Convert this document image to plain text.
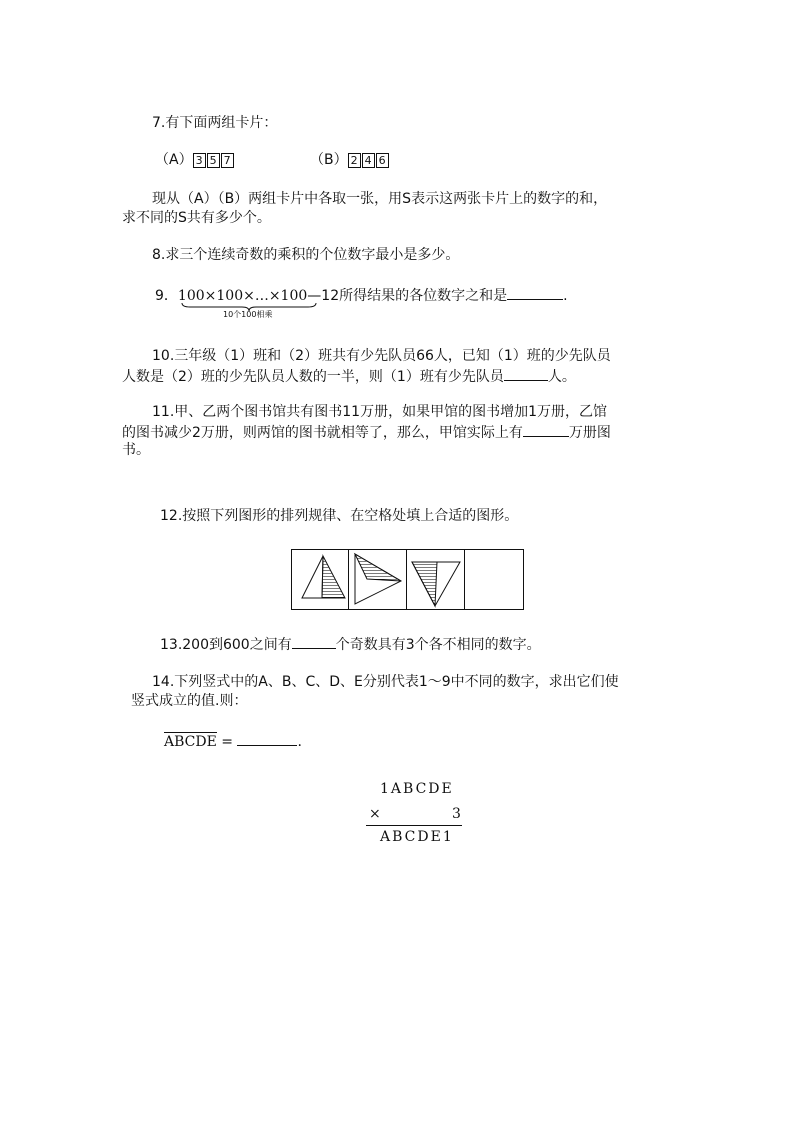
7.有下面两组卡片：
（A） 3 5 7	（B） 2 4 6
现从（A）（B）两组卡片中各取一张，用S表示这两张卡片上的数字的和，
求不同的S共有多少个。
8.求三个连续奇数的乘积的个位数字最小是多少。
9．100×100×…×100—12所得结果的各位数字之和是	.
10个100相乘
10.三年级（1）班和（2）班共有少先队员66人，已知（1）班的少先队员
人数是（2）班的少先队员人数的一半，则（1）班有少先队员	人。
11.甲、乙两个图书馆共有图书11万册，如果甲馆的图书增加1万册，乙馆
的图书减少2万册，则两馆的图书就相等了，那么，甲馆实际上有	万册图
书。
12.按照下列图形的排列规律、在空格处填上合适的图形。
13.200到600之间有	个奇数具有3个各不相同的数字。
14.下列竖式中的A、B、C、D、E分别代表1～9中不同的数字，求出它们使
竖式成立的值.则：
ABCDE =	.
1ABCDE
×	3
ABCDE1
